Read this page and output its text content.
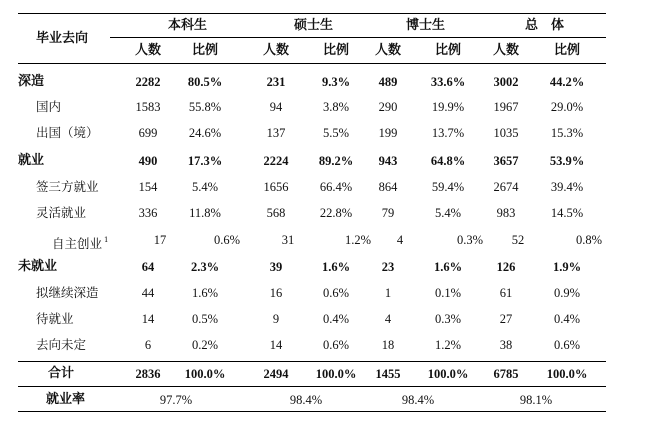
毕业去向
本科生	硕士生	博士生	总　体
人数 比例	人数	比例 人数	比例 人数	比例
深造	2282 80.5%	231	9.3% 489	33.6% 3002	44.2%
国内	1583 55.8%	94	3.8% 290	19.9% 1967	29.0%
出国（境）	699	24.6%	137	5.5% 199	13.7% 1035	15.3%
就业	490 17.3%	2224 89.2% 943	64.8% 3657	53.9%
签三方就业	154	5.4%	1656	66.4% 864	59.4% 2674	39.4%
灵活就业	336	11.8%	568	22.8% 79	5.4%	983	14.5%
自主创业 $^1$	17	0.6%	31	1.2% 4	0.3% 52	0.8%
未就业	64	2.3%	39	1.6%	23	1.6%	126	1.9%
拟继续深造	44	1.6%	16	0.6%	1	0.1%	61	0.9%
待就业	14	0.5%	9	0.4%	4	0.3%	27	0.4%
去向未定	6	0.2%	14	0.6%	18	1.2%	38	0.6%
合计	2836 100.0%	2494 100.0% 1455 100.0% 6785 100.0%
就业率	97.7%	98.4%	98.4%	98.1%
